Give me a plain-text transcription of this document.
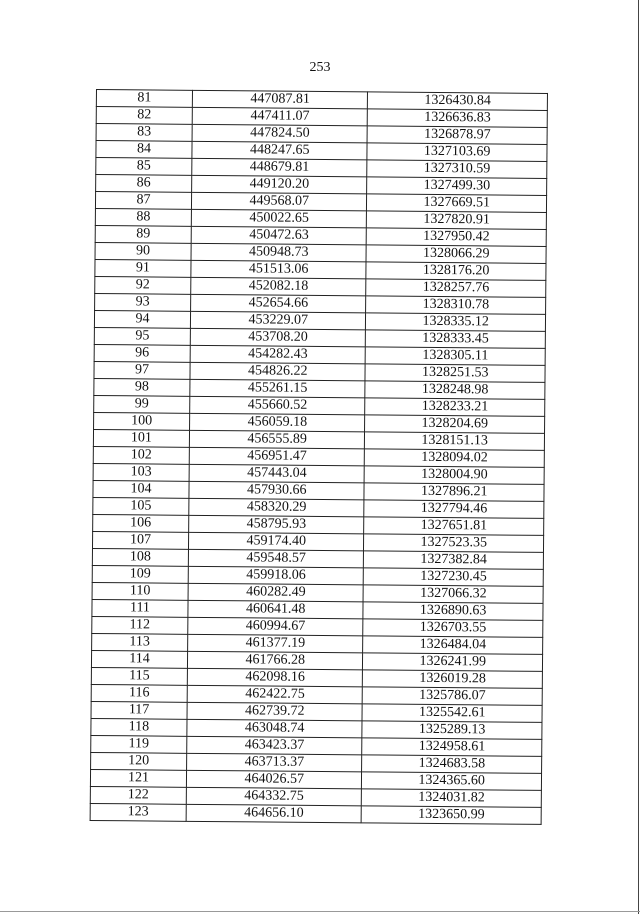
253
81	447087.81	1326430.84
82	447411.07	1326636.83
83	447824.50	1326878.97
84	448247.65	1327103.69
85	448679.81	1327310.59
86	449120.20	1327499.30
87	449568.07	1327669.51
88	450022.65	1327820.91
89	450472.63	1327950.42
90	450948.73	1328066.29
91	451513.06	1328176.20
92	452082.18	1328257.76
93	452654.66	1328310.78
94	453229.07	1328335.12
95	453708.20	1328333.45
96	454282.43	1328305.11
97	454826.22	1328251.53
98	455261.15	1328248.98
99	455660.52	1328233.21
100	456059.18	1328204.69
101	456555.89	1328151.13
102	456951.47	1328094.02
103	457443.04	1328004.90
104	457930.66	1327896.21
105	458320.29	1327794.46
106	458795.93	1327651.81
107	459174.40	1327523.35
108	459548.57	1327382.84
109	459918.06	1327230.45
110	460282.49	1327066.32
111	460641.48	1326890.63
112	460994.67	1326703.55
113	461377.19	1326484.04
114	461766.28	1326241.99
115	462098.16	1326019.28
116	462422.75	1325786.07
117	462739.72	1325542.61
118	463048.74	1325289.13
119	463423.37	1324958.61
120	463713.37	1324683.58
121	464026.57	1324365.60
122	464332.75	1324031.82
123	464656.10	1323650.99
